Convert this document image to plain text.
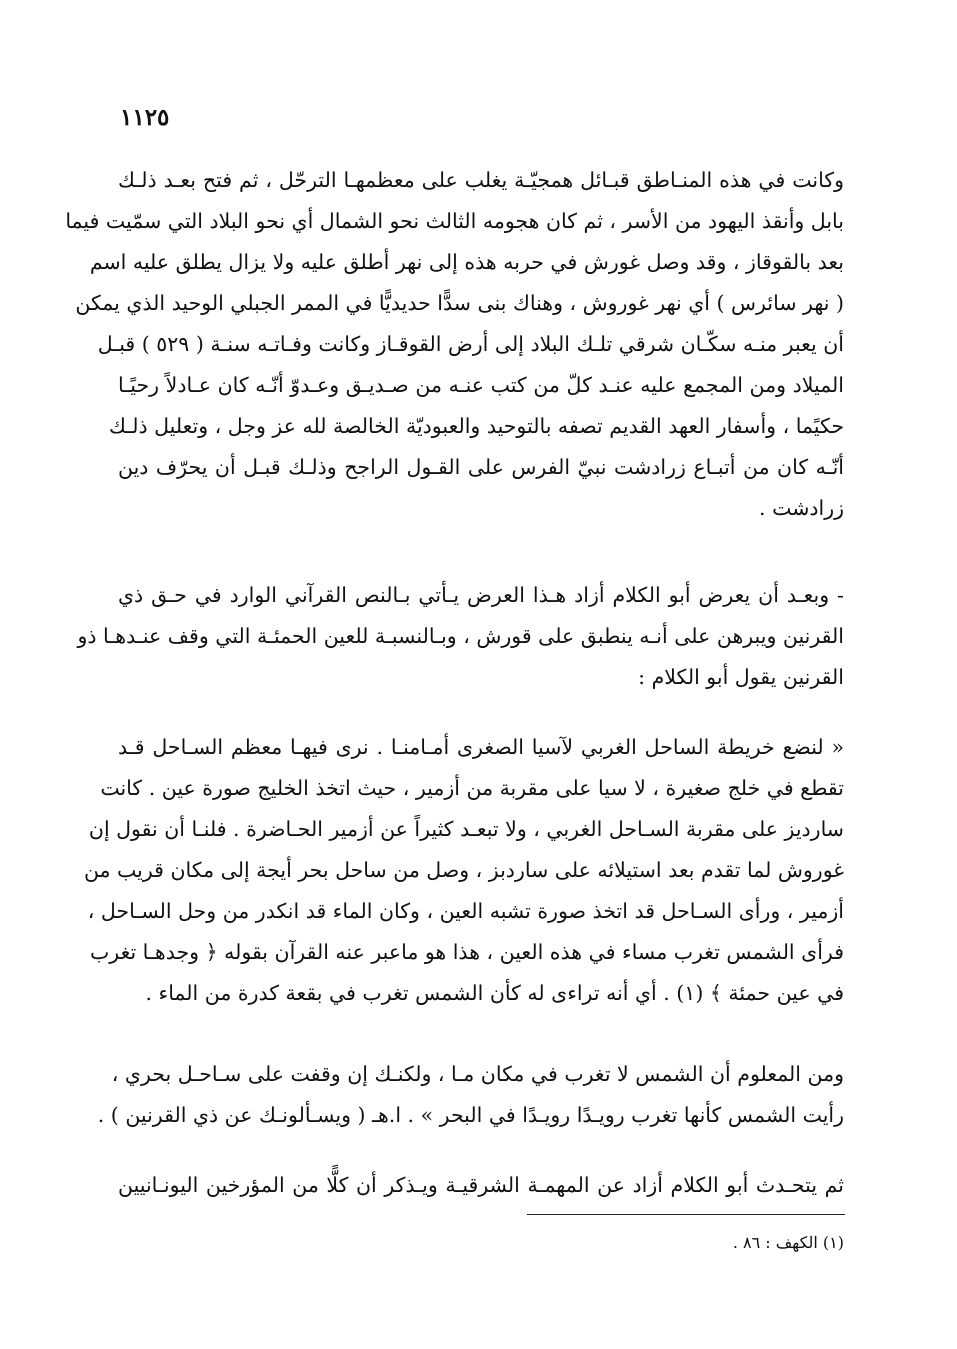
١١٢٥
وكانت في هذه المنـاطق قبـائل همجيّـة يغلب على معظمهـا الترحّل ، ثم فتح بعـد ذلـك
بابل وأنقذ اليهود من الأسر ، ثم كان هجومه الثالث نحو الشمال أي نحو البلاد التي سمّيت فيما
بعد بالقوقاز ، وقد وصل غورش في حربه هذه إلى نهر أطلق عليه ولا يزال يطلق عليه اسم
( نهر سائرس ) أي نهر غوروش ، وهناك بنى سدًّا حديديًّا في الممر الجبلي الوحيد الذي يمكن
أن يعبر منـه سكّـان شرقي تلـك البلاد إلى أرض القوقـاز وكانت وفـاتـه سنـة ( ٥٢٩ ) قبـل
الميلاد ومن المجمع عليه عنـد كلّ من كتب عنـه من صـديـق وعـدوّ أنّـه كان عـادلاً رحيًـا
حكيًما ، وأسفار العهد القديم تصفه بالتوحيد والعبوديّة الخالصة لله عز وجل ، وتعليل ذلـك
أنّـه كان من أتبـاع زرادشت نبيّ الفرس على القـول الراجح وذلـك قبـل أن يحرّف دين
زرادشت .
- وبعـد أن يعرض أبو الكلام أزاد هـذا العرض يـأتي بـالنص القرآني الوارد في حـق ذي
القرنين ويبرهن على أنـه ينطبق على قورش ، وبـالنسبـة للعين الحمئـة التي وقف عنـدهـا ذو
القرنين يقول أبو الكلام :
« لنضع خريطة الساحل الغربي لآسيا الصغرى أمـامنـا . نرى فيهـا معظم السـاحل قـد
تقطع في خلج صغيرة ، لا سيا على مقربة من أزمير ، حيث اتخذ الخليج صورة عين . كانت
سارديز على مقربة السـاحل الغربي ، ولا تبعـد كثيراً عن أزمير الحـاضرة . فلنـا أن نقول إن
غوروش لما تقدم بعد استيلائه على ساردبز ، وصل من ساحل بحر أيجة إلى مكان قريب من
أزمير ، ورأى السـاحل قد اتخذ صورة تشبه العين ، وكان الماء قد انكدر من وحل السـاحل ،
فرأى الشمس تغرب مساء في هذه العين ، هذا هو ماعبر عنه القرآن بقوله ﴿ وجدهـا تغرب
في عين حمئة ﴾ (١) . أي أنه تراءى له كأن الشمس تغرب في بقعة كدرة من الماء .
ومن المعلوم أن الشمس لا تغرب في مكان مـا ، ولكنـك إن وقفت على سـاحـل بحري ،
رأيت الشمس كأنها تغرب رويـدًا رويـدًا في البحر » . ا.هـ ( ويسـألونـك عن ذي القرنين ) .
ثم يتحـدث أبو الكلام أزاد عن المهمـة الشرقيـة ويـذكر أن كلًّا من المؤرخين اليونـانيين
(١) الكهف : ٨٦ .
